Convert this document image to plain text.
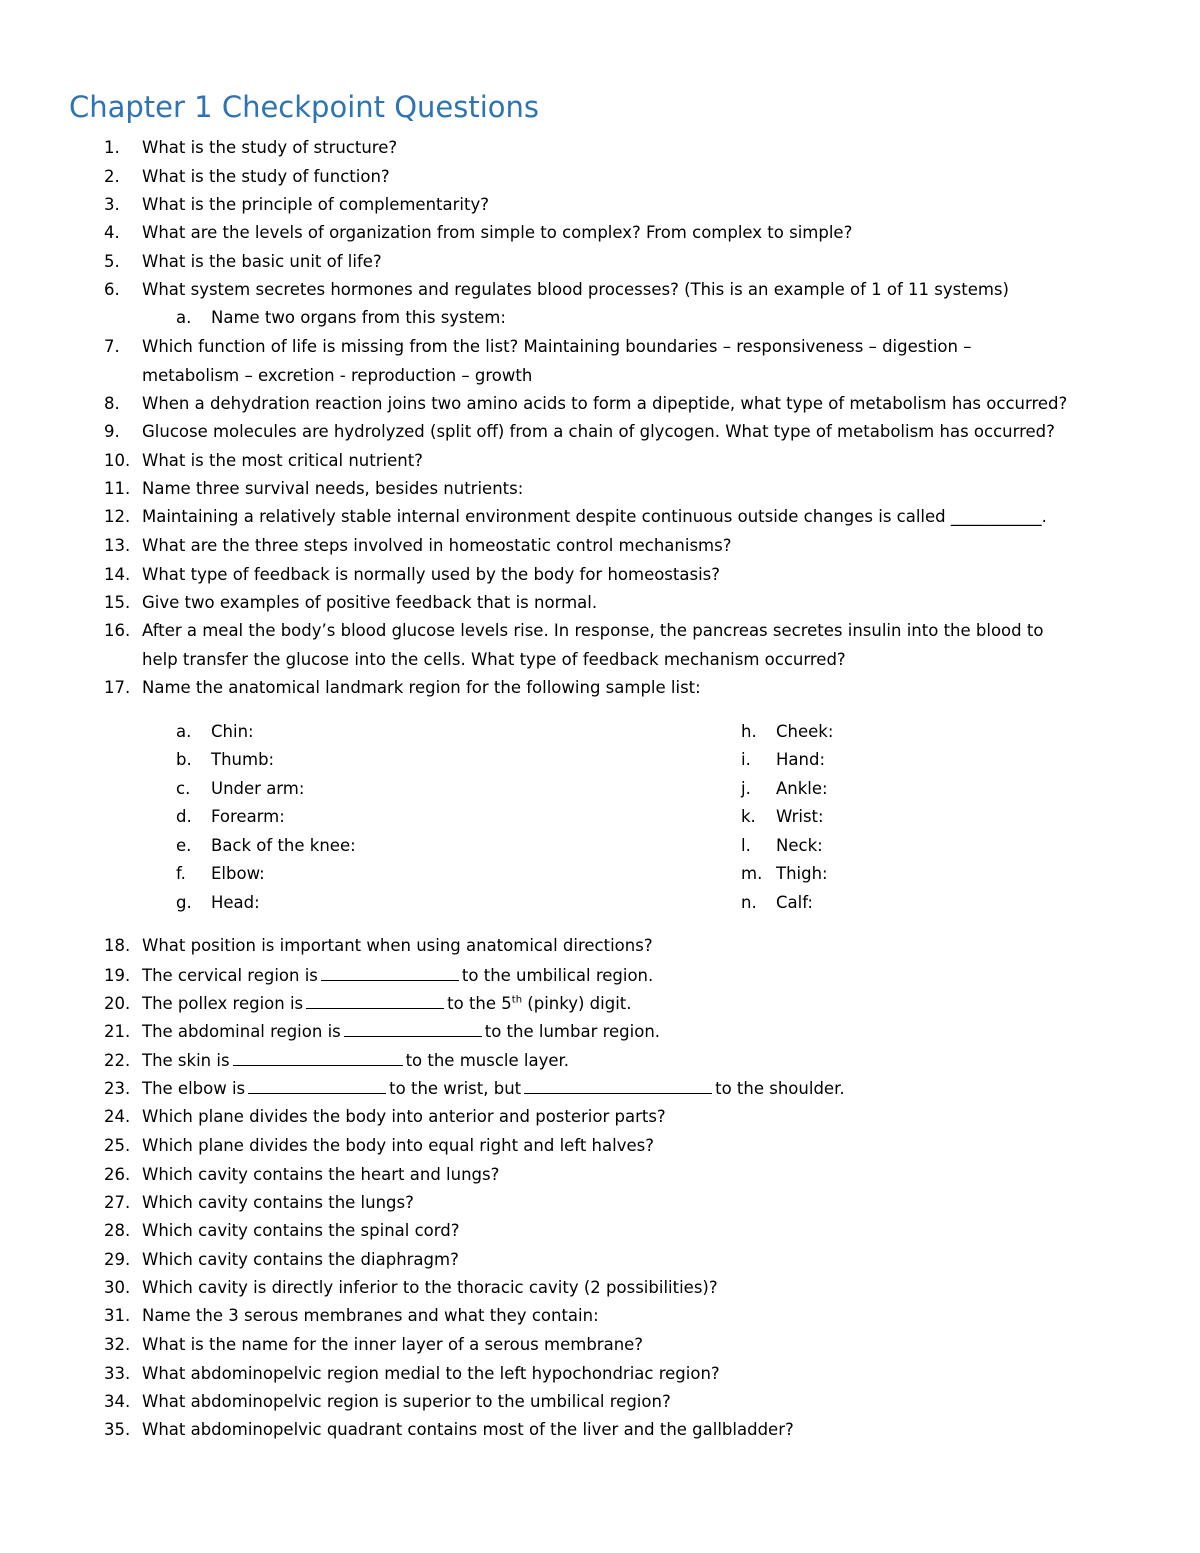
Chapter 1 Checkpoint Questions
1. What is the study of structure?
2. What is the study of function?
3. What is the principle of complementarity?
4. What are the levels of organization from simple to complex? From complex to simple?
5. What is the basic unit of life?
6. What system secretes hormones and regulates blood processes? (This is an example of 1 of 11 systems)
a. Name two organs from this system:
7. Which function of life is missing from the list? Maintaining boundaries – responsiveness – digestion –
metabolism – excretion - reproduction – growth
8. When a dehydration reaction joins two amino acids to form a dipeptide, what type of metabolism has occurred?
9. Glucose molecules are hydrolyzed (split off) from a chain of glycogen. What type of metabolism has occurred?
10. What is the most critical nutrient?
11. Name three survival needs, besides nutrients:
12. Maintaining a relatively stable internal environment despite continuous outside changes is called ___________.
13. What are the three steps involved in homeostatic control mechanisms?
14. What type of feedback is normally used by the body for homeostasis?
15. Give two examples of positive feedback that is normal.
16. After a meal the body’s blood glucose levels rise. In response, the pancreas secretes insulin into the blood to
help transfer the glucose into the cells. What type of feedback mechanism occurred?
17. Name the anatomical landmark region for the following sample list:
a. Chin:
b. Thumb:
c. Under arm:
d. Forearm:
e. Back of the knee:
f. Elbow:
g. Head:
h. Cheek:
i. Hand:
j. Ankle:
k. Wrist:
l. Neck:
m. Thigh:
n. Calf:
18. What position is important when using anatomical directions?
19. The cervical region is	to the umbilical region.
20. The pollex region is	to the 5th (pinky) digit.
21. The abdominal region is	to the lumbar region.
22. The skin is	to the muscle layer.
23. The elbow is	to the wrist, but	to the shoulder.
24. Which plane divides the body into anterior and posterior parts?
25. Which plane divides the body into equal right and left halves?
26. Which cavity contains the heart and lungs?
27. Which cavity contains the lungs?
28. Which cavity contains the spinal cord?
29. Which cavity contains the diaphragm?
30. Which cavity is directly inferior to the thoracic cavity (2 possibilities)?
31. Name the 3 serous membranes and what they contain:
32. What is the name for the inner layer of a serous membrane?
33. What abdominopelvic region medial to the left hypochondriac region?
34. What abdominopelvic region is superior to the umbilical region?
35. What abdominopelvic quadrant contains most of the liver and the gallbladder?
